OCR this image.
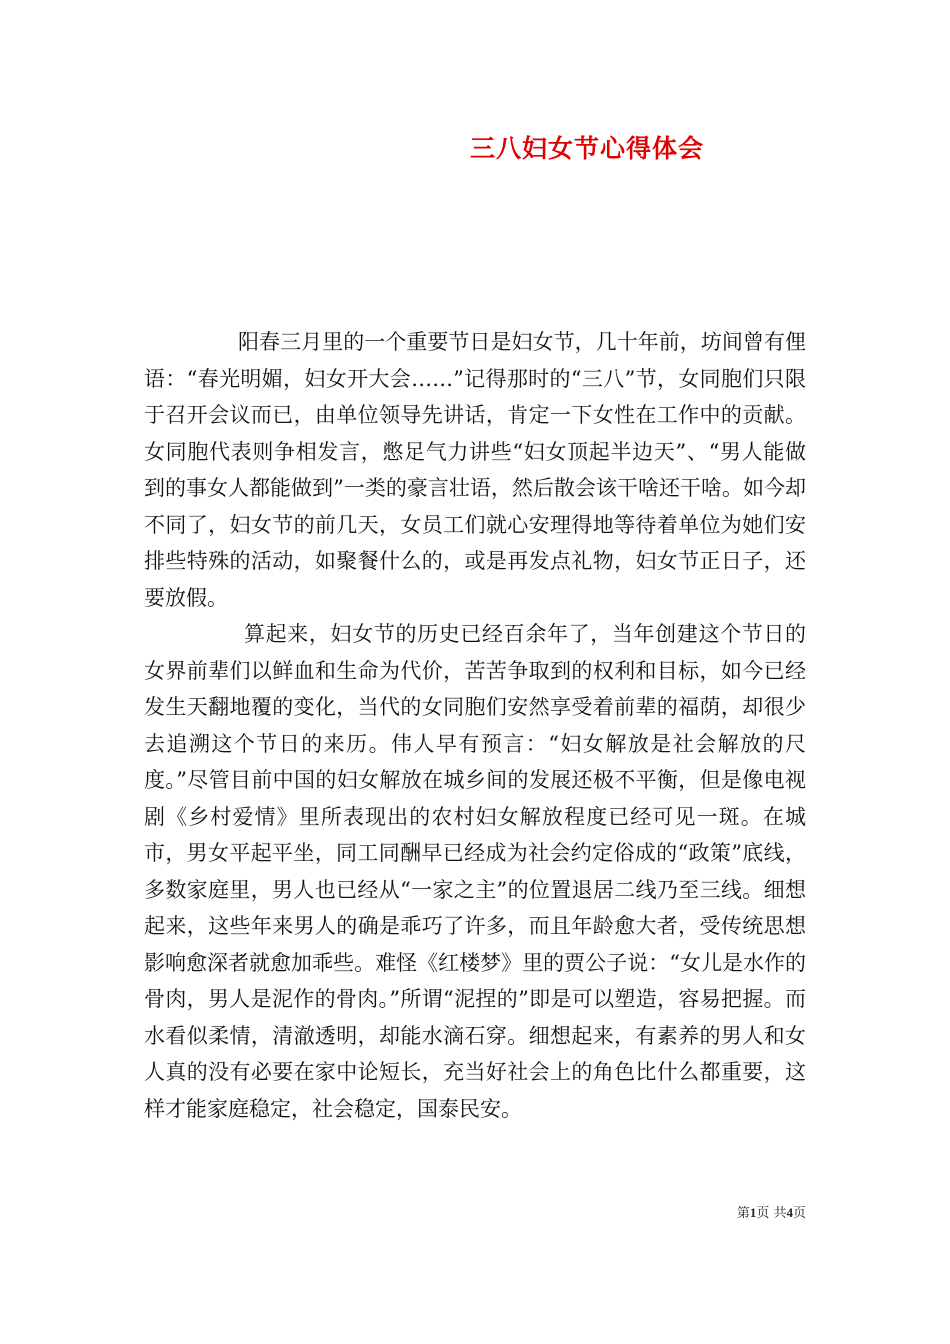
三八妇女节心得体会

阳春三月里的一个重要节日是妇女节，几十年前，坊间曾有俚语：“春光明媚，妇女开大会……”记得那时的“三八”节，女同胞们只限于召开会议而已，由单位领导先讲话，肯定一下女性在工作中的贡献。女同胞代表则争相发言，憋足气力讲些“妇女顶起半边天”、“男人能做到的事女人都能做到”一类的豪言壮语，然后散会该干啥还干啥。如今却不同了，妇女节的前几天，女员工们就心安理得地等待着单位为她们安排些特殊的活动，如聚餐什么的，或是再发点礼物，妇女节正日子，还要放假。

算起来，妇女节的历史已经百余年了，当年创建这个节日的女界前辈们以鲜血和生命为代价，苦苦争取到的权利和目标，如今已经发生天翻地覆的变化，当代的女同胞们安然享受着前辈的福荫，却很少去追溯这个节日的来历。伟人早有预言：“妇女解放是社会解放的尺度。”尽管目前中国的妇女解放在城乡间的发展还极不平衡，但是像电视剧《乡村爱情》里所表现出的农村妇女解放程度已经可见一斑。在城市，男女平起平坐，同工同酬早已经成为社会约定俗成的“政策”底线，多数家庭里，男人也已经从“一家之主”的位置退居二线乃至三线。细想起来，这些年来男人的确是乖巧了许多，而且年龄愈大者，受传统思想影响愈深者就愈加乖些。难怪《红楼梦》里的贾公子说：“女儿是水作的骨肉，男人是泥作的骨肉。”所谓“泥捏的”即是可以塑造，容易把握。而水看似柔情，清澈透明，却能水滴石穿。细想起来，有素养的男人和女人真的没有必要在家中论短长，充当好社会上的角色比什么都重要，这样才能家庭稳定，社会稳定，国泰民安。

第1页 共4页
